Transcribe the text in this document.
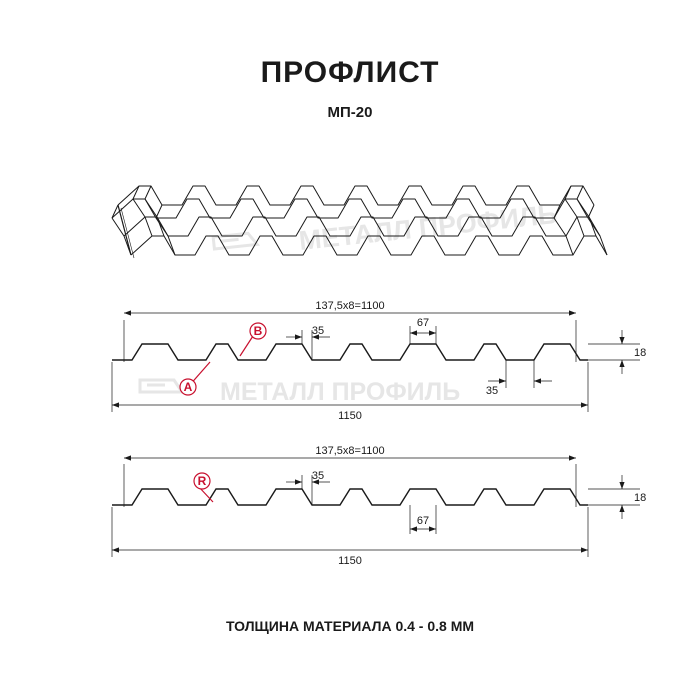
ПРОФЛИСТ
МП-20
МЕТАЛЛ ПРОФИЛЬ
МЕТАЛЛ ПРОФИЛЬ
137,5x8=1100
1150
18
35
67
35
A
B
137,5x8=1100
1150
18
35
67
R
ТОЛЩИНА МАТЕРИАЛА 0.4 - 0.8 ММ
